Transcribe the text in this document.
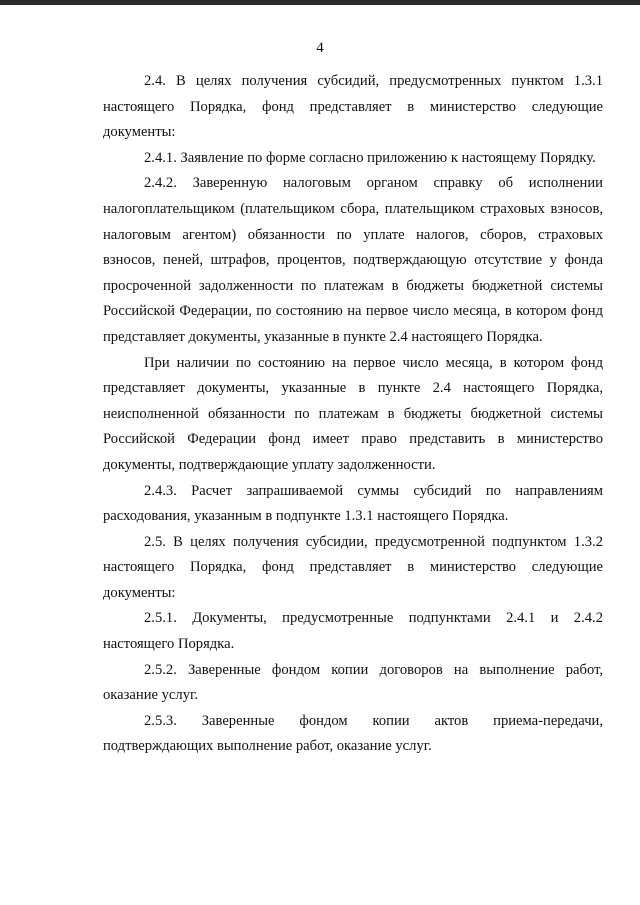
4

2.4. В целях получения субсидий, предусмотренных пунктом 1.3.1 настоящего Порядка, фонд представляет в министерство следующие документы:

2.4.1. Заявление по форме согласно приложению к настоящему Порядку.

2.4.2. Заверенную налоговым органом справку об исполнении налогоплательщиком (плательщиком сбора, плательщиком страховых взносов, налоговым агентом) обязанности по уплате налогов, сборов, страховых взносов, пеней, штрафов, процентов, подтверждающую отсутствие у фонда просроченной задолженности по платежам в бюджеты бюджетной системы Российской Федерации, по состоянию на первое число месяца, в котором фонд представляет документы, указанные в пункте 2.4 настоящего Порядка.

При наличии по состоянию на первое число месяца, в котором фонд представляет документы, указанные в пункте 2.4 настоящего Порядка, неисполненной обязанности по платежам в бюджеты бюджетной системы Российской Федерации фонд имеет право представить в министерство документы, подтверждающие уплату задолженности.

2.4.3. Расчет запрашиваемой суммы субсидий по направлениям расходования, указанным в подпункте 1.3.1 настоящего Порядка.

2.5. В целях получения субсидии, предусмотренной подпунктом 1.3.2 настоящего Порядка, фонд представляет в министерство следующие документы:

2.5.1. Документы, предусмотренные подпунктами 2.4.1 и 2.4.2 настоящего Порядка.

2.5.2. Заверенные фондом копии договоров на выполнение работ, оказание услуг.

2.5.3. Заверенные фондом копии актов приема-передачи, подтверждающих выполнение работ, оказание услуг.
